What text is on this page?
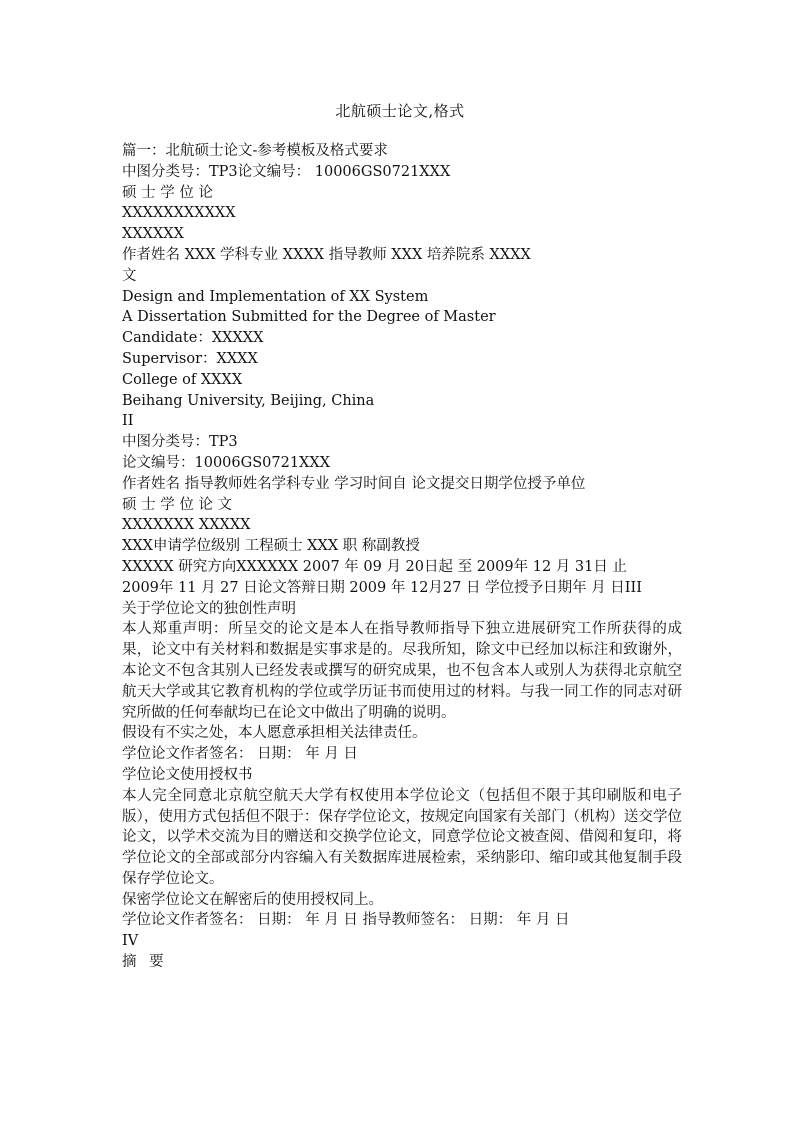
北航硕士论文,格式
篇一：北航硕士论文-参考模板及格式要求
中图分类号：TP3论文编号： 10006GS0721XXX
硕 士 学 位 论
XXXXXXXXXXX
XXXXXX
作者姓名 XXX 学科专业 XXXX 指导教师 XXX 培养院系 XXXX
文
Design and Implementation of XX System
A Dissertation Submitted for the Degree of Master
Candidate：XXXXX
Supervisor：XXXX
College of XXXX
Beihang University, Beijing, China
II
中图分类号：TP3
论文编号：10006GS0721XXX
作者姓名 指导教师姓名学科专业 学习时间自 论文提交日期学位授予单位
硕 士 学 位 论 文
XXXXXXX XXXXX
XXX申请学位级别 工程硕士 XXX 职 称副教授
XXXXX 研究方向XXXXXX 2007 年 09 月 20日起 至 2009年 12 月 31日 止
2009年 11 月 27 日论文答辩日期 2009 年 12月27 日 学位授予日期年 月 日III
关于学位论文的独创性声明
本人郑重声明：所呈交的论文是本人在指导教师指导下独立进展研究工作所获得的成果，论文中有关材料和数据是实事求是的。尽我所知，除文中已经加以标注和致谢外，本论文不包含其别人已经发表或撰写的研究成果，也不包含本人或别人为获得北京航空航天大学或其它教育机构的学位或学历证书而使用过的材料。与我一同工作的同志对研究所做的任何奉献均已在论文中做出了明确的说明。
假设有不实之处，本人愿意承担相关法律责任。
学位论文作者签名： 日期： 年 月 日
学位论文使用授权书
本人完全同意北京航空航天大学有权使用本学位论文（包括但不限于其印刷版和电子版），使用方式包括但不限于：保存学位论文，按规定向国家有关部门（机构）送交学位论文，以学术交流为目的赠送和交换学位论文，同意学位论文被查阅、借阅和复印，将学位论文的全部或部分内容编入有关数据库进展检索，采纳影印、缩印或其他复制手段保存学位论文。
保密学位论文在解密后的使用授权同上。
学位论文作者签名： 日期： 年 月 日 指导教师签名： 日期： 年 月 日
IV
摘 要
